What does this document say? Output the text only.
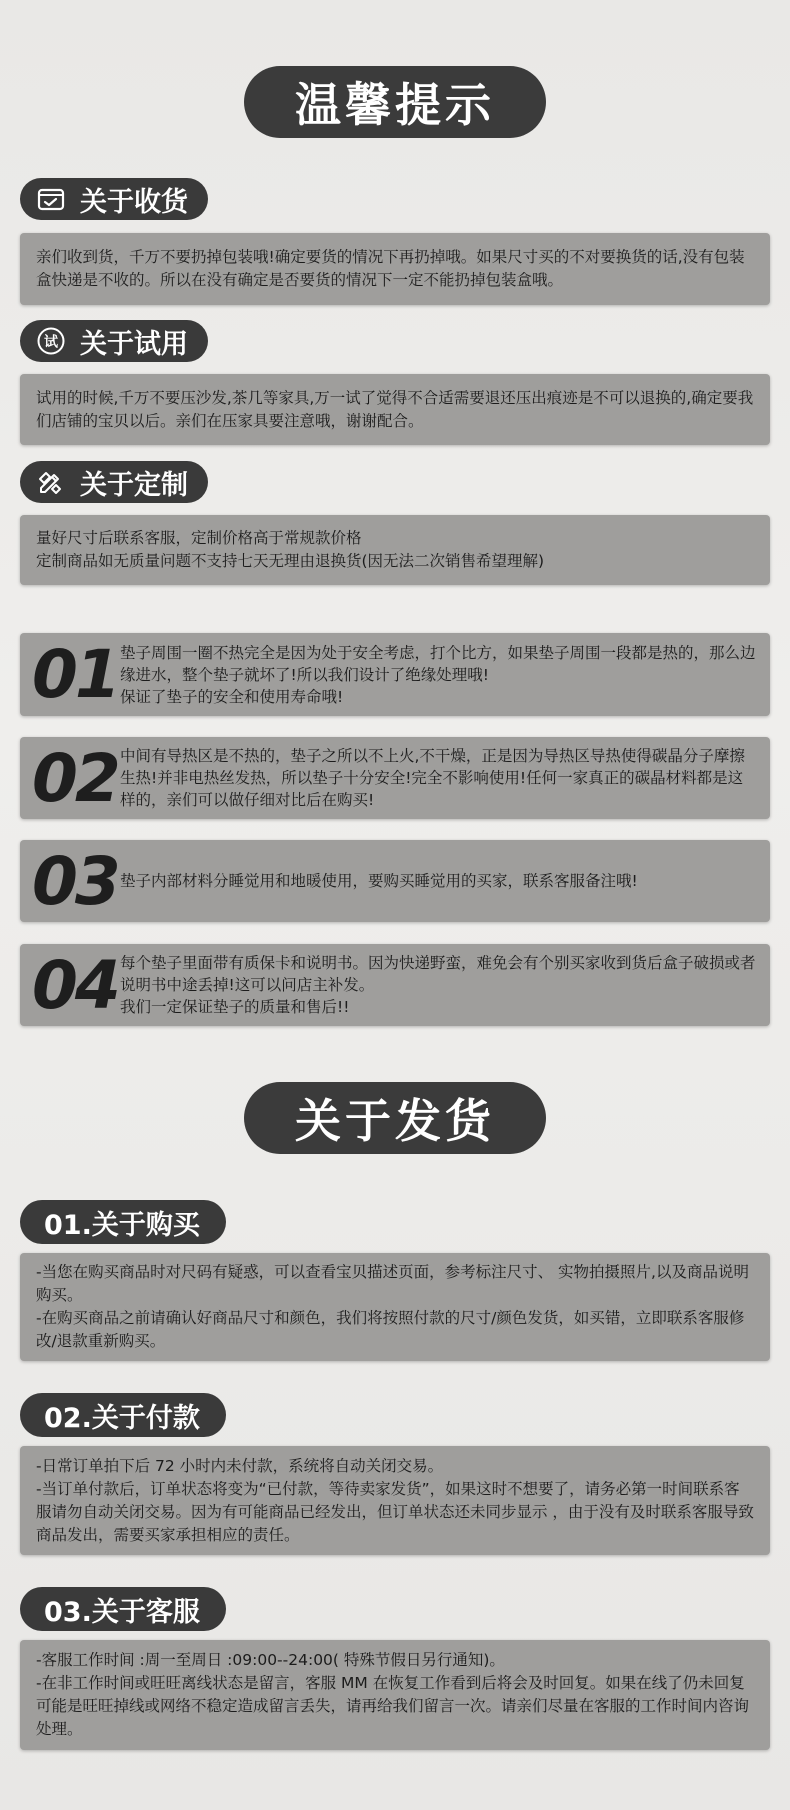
温馨提示
关于收货

亲们收到货，千万不要扔掉包装哦!确定要货的情况下再扔掉哦。如果尺寸买的不对要换货的话,没有包装盒快递是不收的。所以在没有确定是否要货的情况下一定不能扔掉包装盒哦。

试 关于试用

试用的时候,千万不要压沙发,茶几等家具,万一试了觉得不合适需要退还压出痕迹是不可以退换的,确定要我们店铺的宝贝以后。亲们在压家具要注意哦，谢谢配合。

关于定制

量好尺寸后联系客服，定制价格高于常规款价格

定制商品如无质量问题不支持七天无理由退换货(因无法二次销售希望理解)

01 垫子周围一圈不热完全是因为处于安全考虑，打个比方，如果垫子周围一段都是热的，那么边缘进水，整个垫子就坏了!所以我们设计了绝缘处理哦!

保证了垫子的安全和使用寿命哦!

02 中间有导热区是不热的，垫子之所以不上火,不干燥，正是因为导热区导热使得碳晶分子摩擦生热!并非电热丝发热，所以垫子十分安全!完全不影响使用!任何一家真正的碳晶材料都是这样的，亲们可以做仔细对比后在购买!

03 垫子内部材料分睡觉用和地暖使用，要购买睡觉用的买家，联系客服备注哦!

04 每个垫子里面带有质保卡和说明书。因为快递野蛮，难免会有个别买家收到货后盒子破损或者说明书中途丢掉!这可以问店主补发。

我们一定保证垫子的质量和售后!!

关于发货
01.关于购买

-当您在购买商品时对尺码有疑惑，可以查看宝贝描述页面，参考标注尺寸、 实物拍摄照片,以及商品说明购买。

-在购买商品之前请确认好商品尺寸和颜色，我们将按照付款的尺寸/颜色发货，如买错，立即联系客服修改/退款重新购买。

02.关于付款

-日常订单拍下后 72 小时内未付款，系统将自动关闭交易。

-当订单付款后，订单状态将变为“已付款，等待卖家发货”，如果这时不想要了，请务必第一时间联系客服请勿自动关闭交易。因为有可能商品已经发出，但订单状态还未同步显示 ，由于没有及时联系客服导致商品发出，需要买家承担相应的责任。

03.关于客服

-客服工作时间 :周一至周日 :09:00--24:00( 特殊节假日另行通知)。

-在非工作时间或旺旺离线状态是留言，客服 MM 在恢复工作看到后将会及时回复。如果在线了仍未回复可能是旺旺掉线或网络不稳定造成留言丢失，请再给我们留言一次。请亲们尽量在客服的工作时间内咨询处理。
